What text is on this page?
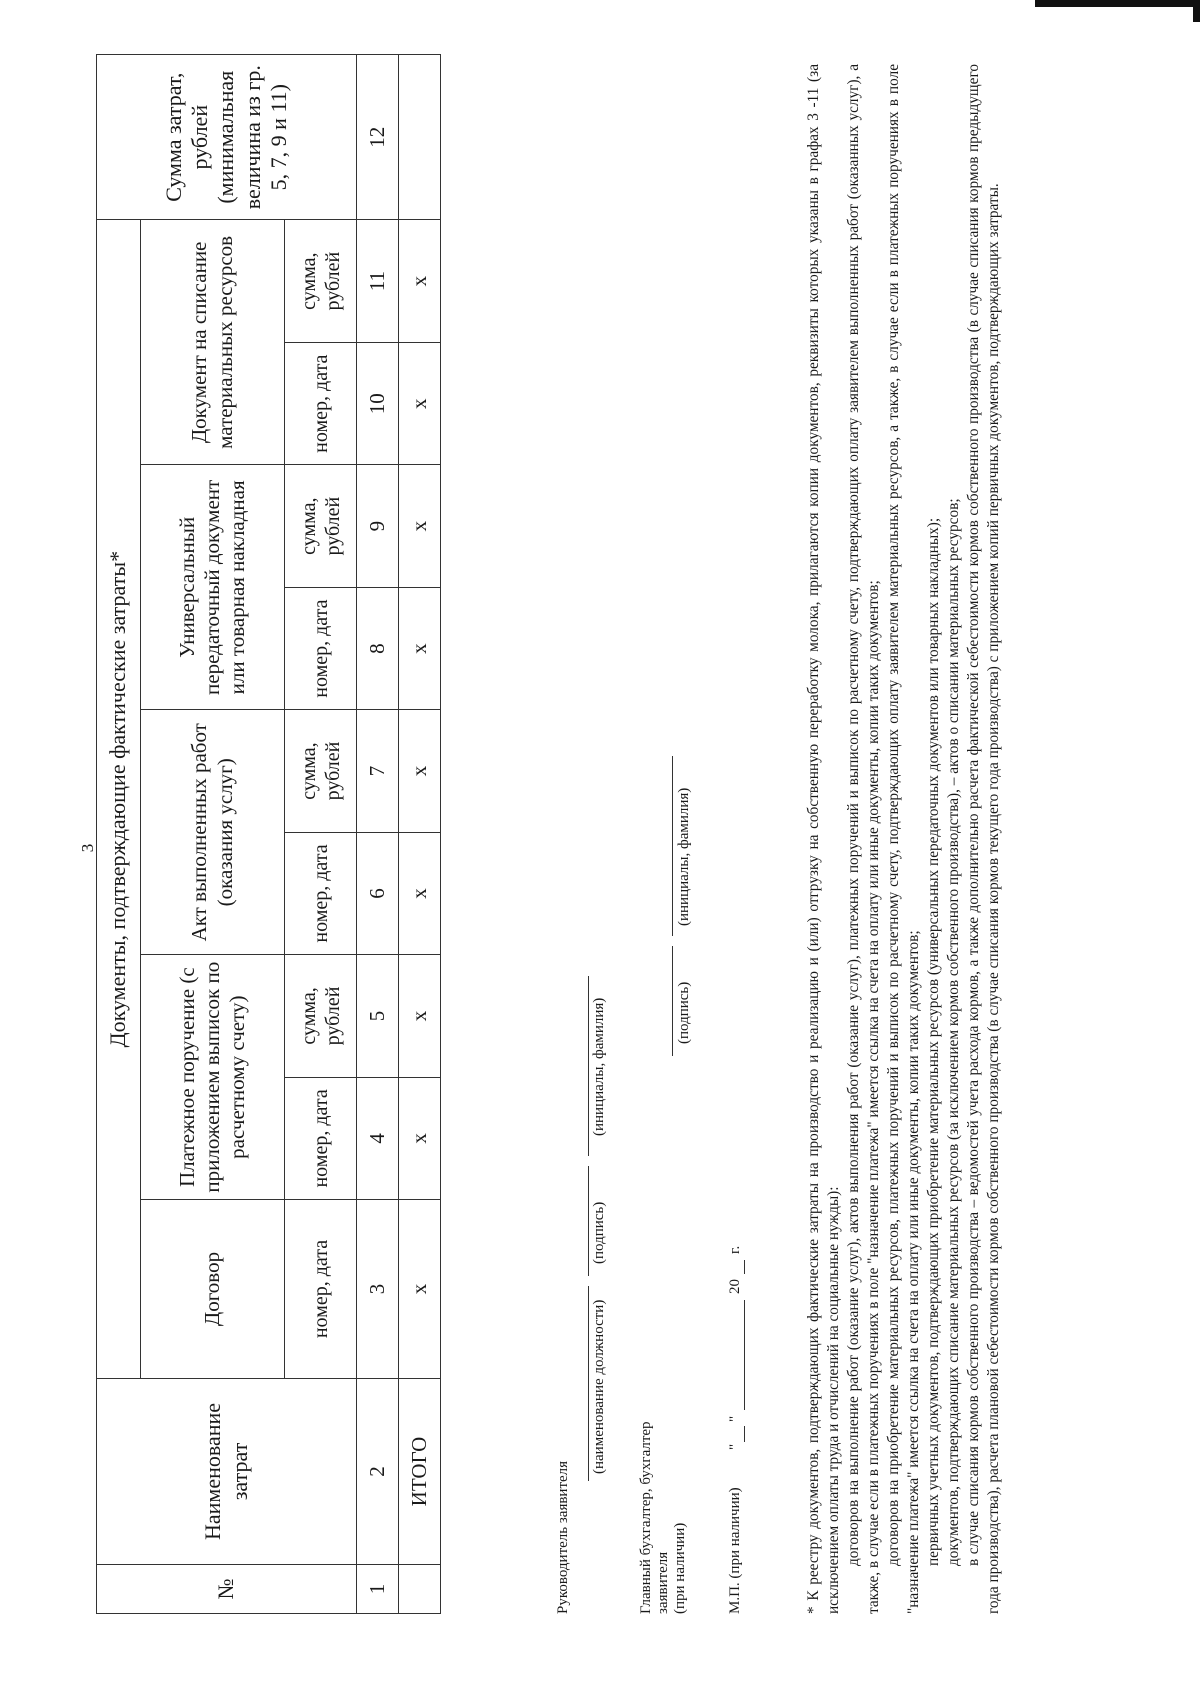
3
№	Наименование затрат	Документы, подтверждающие фактические затраты*									Сумма затрат, рублей (минимальная величина из гр. 5, 7, 9 и 11)
		Договор	Платежное поручение (с приложением выписок по расчетному счету)		Акт выполненных работ (оказания услуг)		Универсальный передаточный документ или товарная накладная		Документ на списание материальных ресурсов		
		номер, дата	номер, дата	сумма, рублей	номер, дата	сумма, рублей	номер, дата	сумма, рублей	номер, дата	сумма, рублей	
1	2	3	4	5	6	7	8	9	10	11	12
	ИТОГО	x	x	x	x	x	x	x	x	x	
Руководитель заявителя
(наименование должности)
(подпись)
(инициалы, фамилия)
Главный бухгалтер, бухгалтер заявителя (при наличии)
(подпись)
(инициалы, фамилия)
М.П. (при наличии)
"
"
20
г.	* К реестру документов, подтверждающих фактические затраты на производство и реализацию и (или) отгрузку на собственную переработку молока, прилагаются копии документов, реквизиты которых указаны в графах 3 -11 (за исключением оплаты труда и отчислений на социальные нужды): договоров на выполнение работ (оказание услуг), актов выполнения работ (оказание услуг), платежных поручений и выписок по расчетному счету, подтверждающих оплату заявителем выполненных работ (оказанных услуг), а также, в случае если в платежных поручениях в поле "назначение платежа" имеется ссылка на счета на оплату или иные документы, копии таких документов; договоров на приобретение материальных ресурсов, платежных поручений и выписок по расчетному счету, подтверждающих оплату заявителем материальных ресурсов, а также, в случае если в платежных поручениях в поле "назначение платежа" имеется ссылка на счета на оплату или иные документы, копии таких документов; первичных учетных документов, подтверждающих приобретение материальных ресурсов (универсальных передаточных документов или товарных накладных); документов, подтверждающих списание материальных ресурсов (за исключением кормов собственного производства), – актов о списании материальных ресурсов; в случае списания кормов собственного производства – ведомостей учета расхода кормов, а также дополнительно расчета фактической себестоимости кормов собственного производства (в случае списания кормов предыдущего года производства), расчета плановой себестоимости кормов собственного производства (в случае списания кормов текущего года производства) с приложением копий первичных документов, подтверждающих затраты.
